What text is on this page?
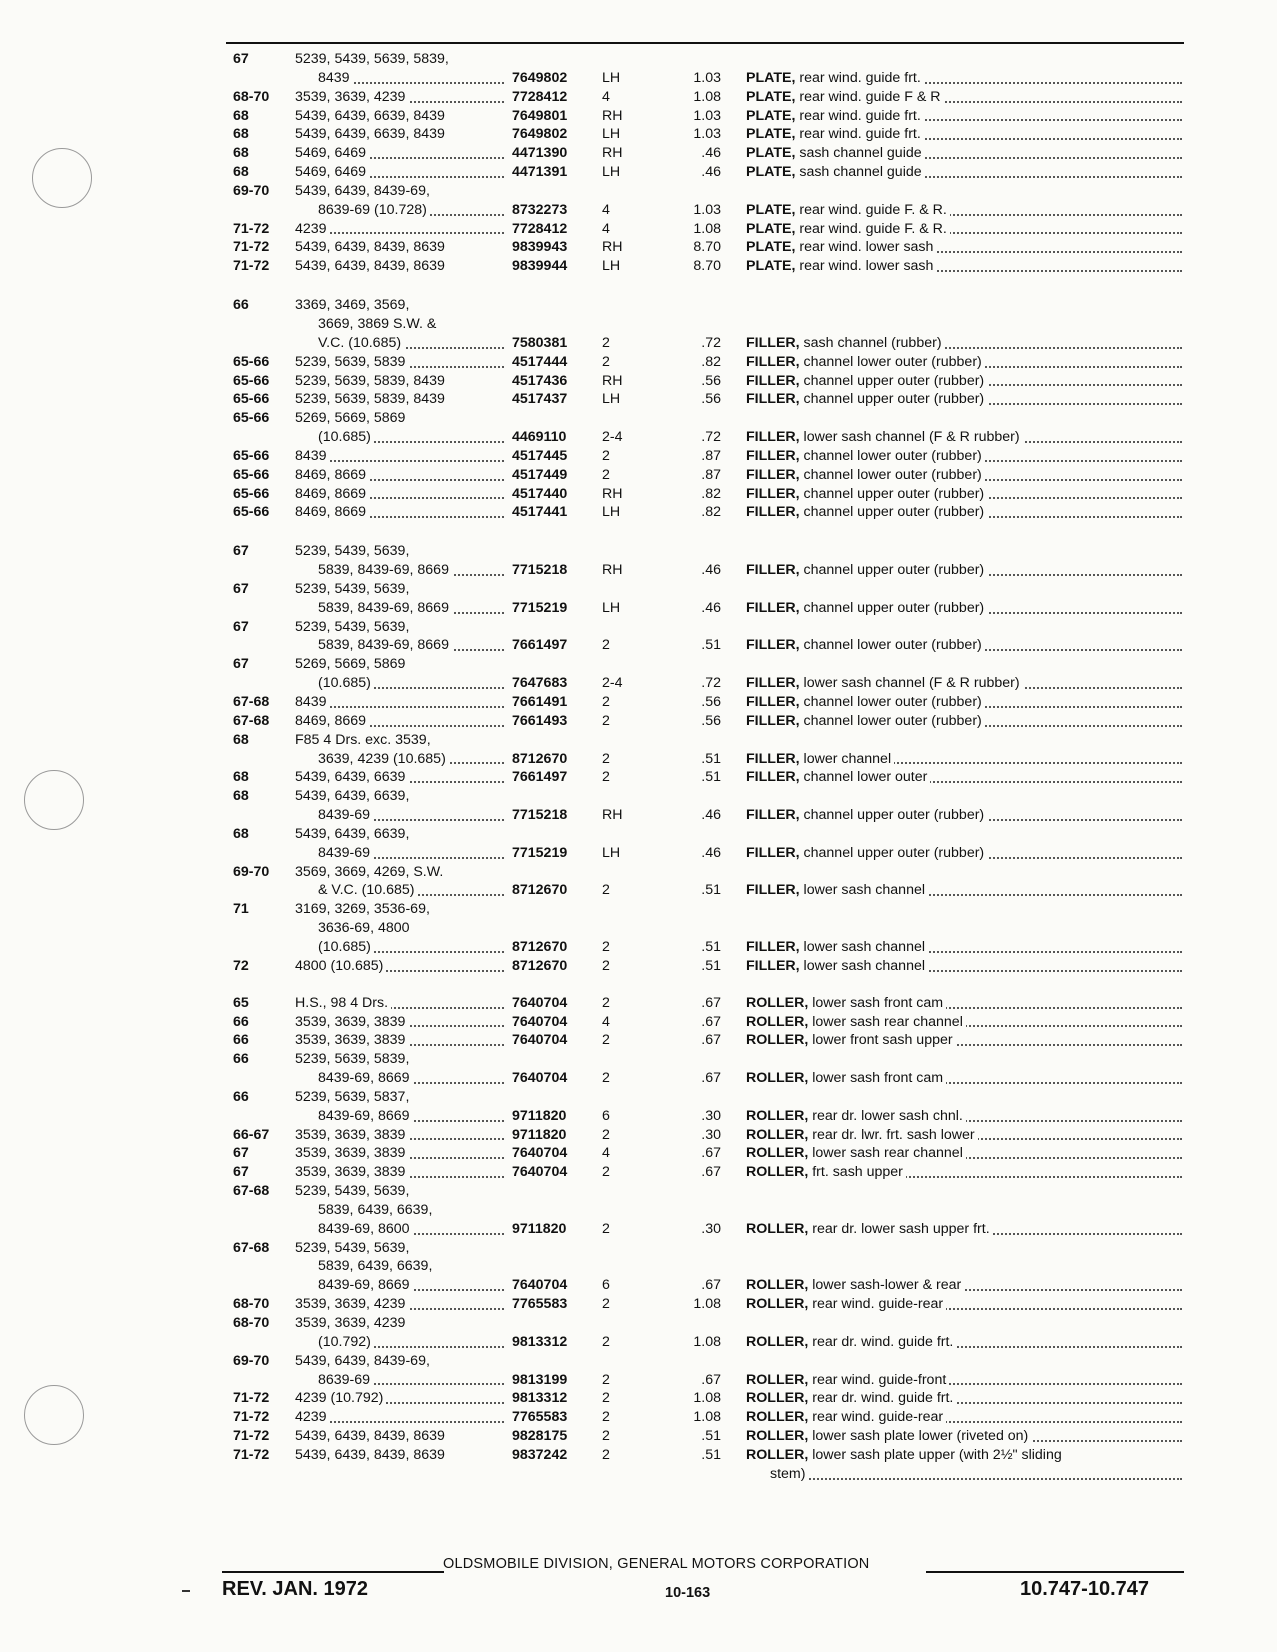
67	5239, 5439, 5639, 5839,
8439	7649802 LH	1.03 PLATE, rear wind. guide frt.
68-70 3539, 3639, 4239	7728412 4	1.08 PLATE, rear wind. guide F & R
68	5439, 6439, 6639, 8439	7649801 RH	1.03 PLATE, rear wind. guide frt.
68	5439, 6439, 6639, 8439	7649802 LH	1.03 PLATE, rear wind. guide frt.
68	5469, 6469	4471390 RH	.46 PLATE, sash channel guide
68	5469, 6469	4471391 LH	.46 PLATE, sash channel guide
69-70 5439, 6439, 8439-69,
8639-69 (10.728)	8732273 4	1.03 PLATE, rear wind. guide F. & R.
71-72 4239	7728412 4	1.08 PLATE, rear wind. guide F. & R.
71-72 5439, 6439, 8439, 8639	9839943 RH	8.70 PLATE, rear wind. lower sash
71-72 5439, 6439, 8439, 8639	9839944 LH	8.70 PLATE, rear wind. lower sash
66	3369, 3469, 3569,
3669, 3869 S.W. &
V.C. (10.685)	7580381 2	.72 FILLER, sash channel (rubber)
65-66 5239, 5639, 5839	4517444 2	.82 FILLER, channel lower outer (rubber)
65-66 5239, 5639, 5839, 8439	4517436 RH	.56 FILLER, channel upper outer (rubber)
65-66 5239, 5639, 5839, 8439	4517437 LH	.56 FILLER, channel upper outer (rubber)
65-66 5269, 5669, 5869
(10.685)	4469110	2-4	.72 FILLER, lower sash channel (F & R rubber)
65-66 8439	4517445 2	.87 FILLER, channel lower outer (rubber)
65-66 8469, 8669	4517449 2	.87 FILLER, channel lower outer (rubber)
65-66 8469, 8669	4517440 RH	.82 FILLER, channel upper outer (rubber)
65-66 8469, 8669	4517441 LH	.82 FILLER, channel upper outer (rubber)
67	5239, 5439, 5639,
5839, 8439-69, 8669	7715218 RH	.46 FILLER, channel upper outer (rubber)
67	5239, 5439, 5639,
5839, 8439-69, 8669	7715219 LH	.46 FILLER, channel upper outer (rubber)
67	5239, 5439, 5639,
5839, 8439-69, 8669	7661497 2	.51 FILLER, channel lower outer (rubber)
67	5269, 5669, 5869
(10.685)	7647683 2-4	.72 FILLER, lower sash channel (F & R rubber)
67-68 8439	7661491 2	.56 FILLER, channel lower outer (rubber)
67-68 8469, 8669	7661493 2	.56 FILLER, channel lower outer (rubber)
68	F85 4 Drs. exc. 3539,
3639, 4239 (10.685)	8712670 2	.51 FILLER, lower channel
68	5439, 6439, 6639	7661497 2	.51 FILLER, channel lower outer
68	5439, 6439, 6639,
8439-69	7715218 RH	.46 FILLER, channel upper outer (rubber)
68	5439, 6439, 6639,
8439-69	7715219 LH	.46 FILLER, channel upper outer (rubber)
69-70 3569, 3669, 4269, S.W.
& V.C. (10.685)	8712670 2	.51 FILLER, lower sash channel
71	3169, 3269, 3536-69,
3636-69, 4800
(10.685)	8712670 2	.51 FILLER, lower sash channel
72	4800 (10.685)	8712670 2	.51 FILLER, lower sash channel
65	H.S., 98 4 Drs.	7640704 2	.67 ROLLER, lower sash front cam
66	3539, 3639, 3839	7640704 4	.67 ROLLER, lower sash rear channel
66	3539, 3639, 3839	7640704 2	.67 ROLLER, lower front sash upper
66	5239, 5639, 5839,
8439-69, 8669	7640704 2	.67 ROLLER, lower sash front cam
66	5239, 5639, 5837,
8439-69, 8669	9711820	6	.30 ROLLER, rear dr. lower sash chnl.
66-67 3539, 3639, 3839	9711820	2	.30 ROLLER, rear dr. lwr. frt. sash lower
67	3539, 3639, 3839	7640704 4	.67 ROLLER, lower sash rear channel
67	3539, 3639, 3839	7640704 2	.67 ROLLER, frt. sash upper
67-68 5239, 5439, 5639,
5839, 6439, 6639,
8439-69, 8600	9711820	2	.30 ROLLER, rear dr. lower sash upper frt.
67-68 5239, 5439, 5639,
5839, 6439, 6639,
8439-69, 8669	7640704 6	.67 ROLLER, lower sash-lower & rear
68-70 3539, 3639, 4239	7765583 2	1.08 ROLLER, rear wind. guide-rear
68-70 3539, 3639, 4239
(10.792)	9813312 2	1.08 ROLLER, rear dr. wind. guide frt.
69-70 5439, 6439, 8439-69,
8639-69	9813199 2	.67 ROLLER, rear wind. guide-front
71-72 4239 (10.792)	9813312 2	1.08 ROLLER, rear dr. wind. guide frt.
71-72 4239	7765583 2	1.08 ROLLER, rear wind. guide-rear
71-72 5439, 6439, 8439, 8639	9828175 2	.51 ROLLER, lower sash plate lower (riveted on)
71-72 5439, 6439, 8439, 8639	9837242 2	.51 ROLLER, lower sash plate upper (with 2½" sliding
stem)
OLDSMOBILE DIVISION, GENERAL MOTORS CORPORATION
REV. JAN. 1972	10-163	10.747-10.747
